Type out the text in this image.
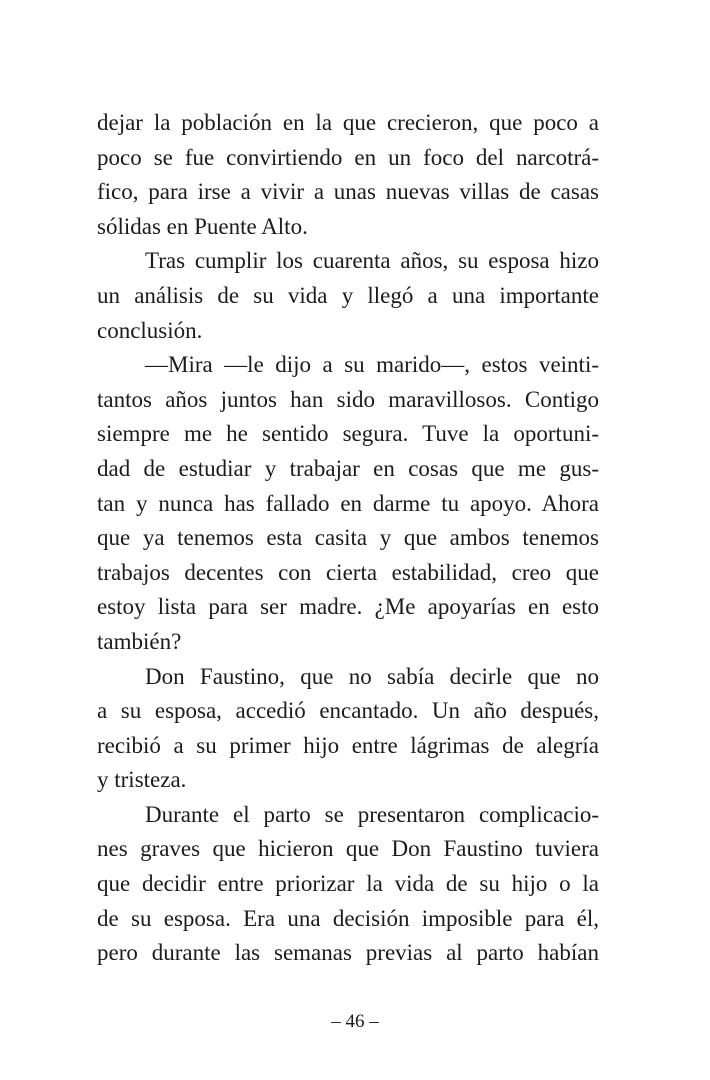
dejar la población en la que crecieron, que poco a
poco se fue convirtiendo en un foco del narcotrá-
fico, para irse a vivir a unas nuevas villas de casas
sólidas en Puente Alto.
Tras cumplir los cuarenta años, su esposa hizo
un análisis de su vida y llegó a una importante
conclusión.
—Mira —le dijo a su marido—, estos veinti-
tantos años juntos han sido maravillosos. Contigo
siempre me he sentido segura. Tuve la oportuni-
dad de estudiar y trabajar en cosas que me gus-
tan y nunca has fallado en darme tu apoyo. Ahora
que ya tenemos esta casita y que ambos tenemos
trabajos decentes con cierta estabilidad, creo que
estoy lista para ser madre. ¿Me apoyarías en esto
también?
Don Faustino, que no sabía decirle que no
a su esposa, accedió encantado. Un año después,
recibió a su primer hijo entre lágrimas de alegría
y tristeza.
Durante el parto se presentaron complicacio-
nes graves que hicieron que Don Faustino tuviera
que decidir entre priorizar la vida de su hijo o la
de su esposa. Era una decisión imposible para él,
pero durante las semanas previas al parto habían
– 46 –
